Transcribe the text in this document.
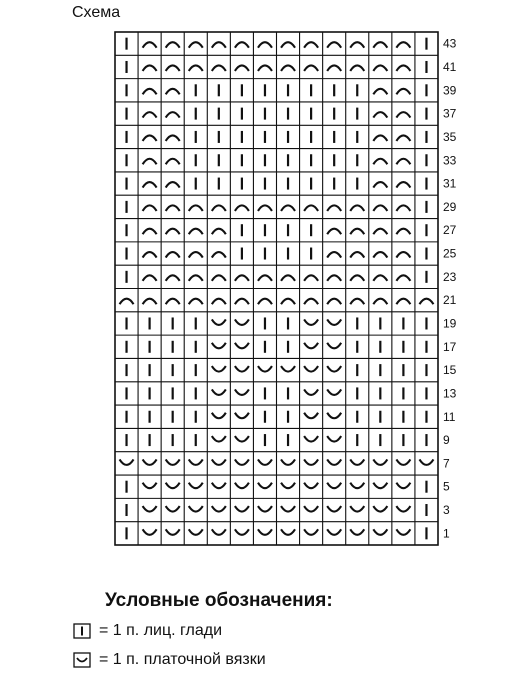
Схема
43
41
39
37
35
33
31
29
27
25
23
21
19
17
15
13
11
9
7
5
3
1
Условные обозначения:
= 1 п. лиц. глади
= 1 п. платочной вязки
